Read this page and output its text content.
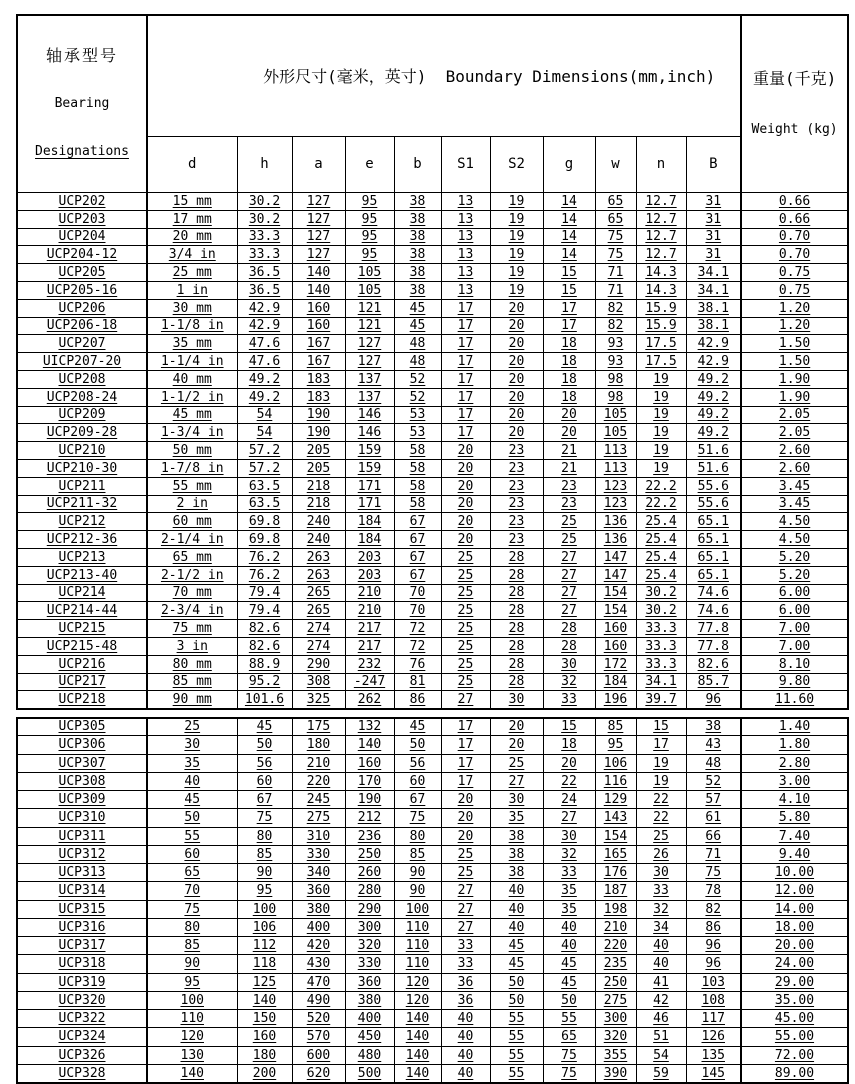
轴承型号

Bearing

Designations

外形尺寸(毫米，英寸)  Boundary Dimensions(mm,inch)	重量(千克)

Weight (kg)

	d	h	a	e	b	S1	S2	g	w	n	B	
UCP202	15 mm	30.2	127	95	38	13	19	14	65	12.7	31	0.66
UCP203	17 mm	30.2	127	95	38	13	19	14	65	12.7	31	0.66
UCP204	20 mm	33.3	127	95	38	13	19	14	75	12.7	31	0.70
UCP204-12	3/4 in	33.3	127	95	38	13	19	14	75	12.7	31	0.70
UCP205	25 mm	36.5	140	105	38	13	19	15	71	14.3	34.1	0.75
UCP205-16	1 in	36.5	140	105	38	13	19	15	71	14.3	34.1	0.75
UCP206	30 mm	42.9	160	121	45	17	20	17	82	15.9	38.1	1.20
UCP206-18	1-1/8 in	42.9	160	121	45	17	20	17	82	15.9	38.1	1.20
UCP207	35 mm	47.6	167	127	48	17	20	18	93	17.5	42.9	1.50
UICP207-20	1-1/4 in	47.6	167	127	48	17	20	18	93	17.5	42.9	1.50
UCP208	40 mm	49.2	183	137	52	17	20	18	98	19	49.2	1.90
UCP208-24	1-1/2 in	49.2	183	137	52	17	20	18	98	19	49.2	1.90
UCP209	45 mm	54	190	146	53	17	20	20	105	19	49.2	2.05
UCP209-28	1-3/4 in	54	190	146	53	17	20	20	105	19	49.2	2.05
UCP210	50 mm	57.2	205	159	58	20	23	21	113	19	51.6	2.60
UCP210-30	1-7/8 in	57.2	205	159	58	20	23	21	113	19	51.6	2.60
UCP211	55 mm	63.5	218	171	58	20	23	23	123	22.2	55.6	3.45
UCP211-32	2 in	63.5	218	171	58	20	23	23	123	22.2	55.6	3.45
UCP212	60 mm	69.8	240	184	67	20	23	25	136	25.4	65.1	4.50
UCP212-36	2-1/4 in	69.8	240	184	67	20	23	25	136	25.4	65.1	4.50
UCP213	65 mm	76.2	263	203	67	25	28	27	147	25.4	65.1	5.20
UCP213-40	2-1/2 in	76.2	263	203	67	25	28	27	147	25.4	65.1	5.20
UCP214	70 mm	79.4	265	210	70	25	28	27	154	30.2	74.6	6.00
UCP214-44	2-3/4 in	79.4	265	210	70	25	28	27	154	30.2	74.6	6.00
UCP215	75 mm	82.6	274	217	72	25	28	28	160	33.3	77.8	7.00
UCP215-48	3 in	82.6	274	217	72	25	28	28	160	33.3	77.8	7.00
UCP216	80 mm	88.9	290	232	76	25	28	30	172	33.3	82.6	8.10
UCP217	85 mm	95.2	308	-247	81	25	28	32	184	34.1	85.7	9.80
UCP218	90 mm	101.6	325	262	86	27	30	33	196	39.7	96	11.60
UCP305	25	45	175	132	45	17	20	15	85	15	38	1.40
UCP306	30	50	180	140	50	17	20	18	95	17	43	1.80
UCP307	35	56	210	160	56	17	25	20	106	19	48	2.80
UCP308	40	60	220	170	60	17	27	22	116	19	52	3.00
UCP309	45	67	245	190	67	20	30	24	129	22	57	4.10
UCP310	50	75	275	212	75	20	35	27	143	22	61	5.80
UCP311	55	80	310	236	80	20	38	30	154	25	66	7.40
UCP312	60	85	330	250	85	25	38	32	165	26	71	9.40
UCP313	65	90	340	260	90	25	38	33	176	30	75	10.00
UCP314	70	95	360	280	90	27	40	35	187	33	78	12.00
UCP315	75	100	380	290	100	27	40	35	198	32	82	14.00
UCP316	80	106	400	300	110	27	40	40	210	34	86	18.00
UCP317	85	112	420	320	110	33	45	40	220	40	96	20.00
UCP318	90	118	430	330	110	33	45	45	235	40	96	24.00
UCP319	95	125	470	360	120	36	50	45	250	41	103	29.00
UCP320	100	140	490	380	120	36	50	50	275	42	108	35.00
UCP322	110	150	520	400	140	40	55	55	300	46	117	45.00
UCP324	120	160	570	450	140	40	55	65	320	51	126	55.00
UCP326	130	180	600	480	140	40	55	75	355	54	135	72.00
UCP328	140	200	620	500	140	40	55	75	390	59	145	89.00
